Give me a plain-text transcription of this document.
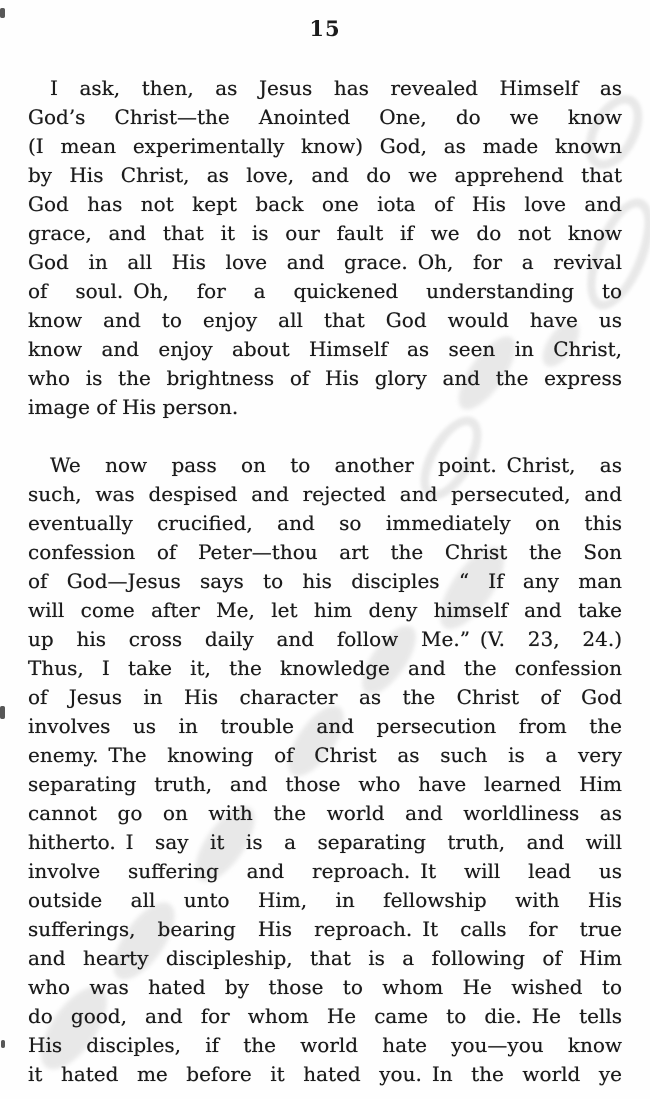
15
I ask, then, as Jesus has revealed Himself as
God’s Christ—the Anointed One, do we know
(I mean experimentally know) God, as made known
by His Christ, as love, and do we apprehend that
God has not kept back one iota of His love and
grace, and that it is our fault if we do not know
God in all His love and grace. Oh, for a revival
of soul. Oh, for a quickened understanding to
know and to enjoy all that God would have us
know and enjoy about Himself as seen in Christ,
who is the brightness of His glory and the express
image of His person.
We now pass on to another point. Christ, as
such, was despised and rejected and persecuted, and
eventually crucified, and so immediately on this
confession of Peter—thou art the Christ the Son
of God—Jesus says to his disciples “ If any man
will come after Me, let him deny himself and take
up his cross daily and follow Me.” (V. 23, 24.)
Thus, I take it, the knowledge and the confession
of Jesus in His character as the Christ of God
involves us in trouble and persecution from the
enemy. The knowing of Christ as such is a very
separating truth, and those who have learned Him
cannot go on with the world and worldliness as
hitherto. I say it is a separating truth, and will
involve suffering and reproach. It will lead us
outside all unto Him, in fellowship with His
sufferings, bearing His reproach. It calls for true
and hearty discipleship, that is a following of Him
who was hated by those to whom He wished to
do good, and for whom He came to die. He tells
His disciples, if the world hate you—you know
it hated me before it hated you. In the world ye
